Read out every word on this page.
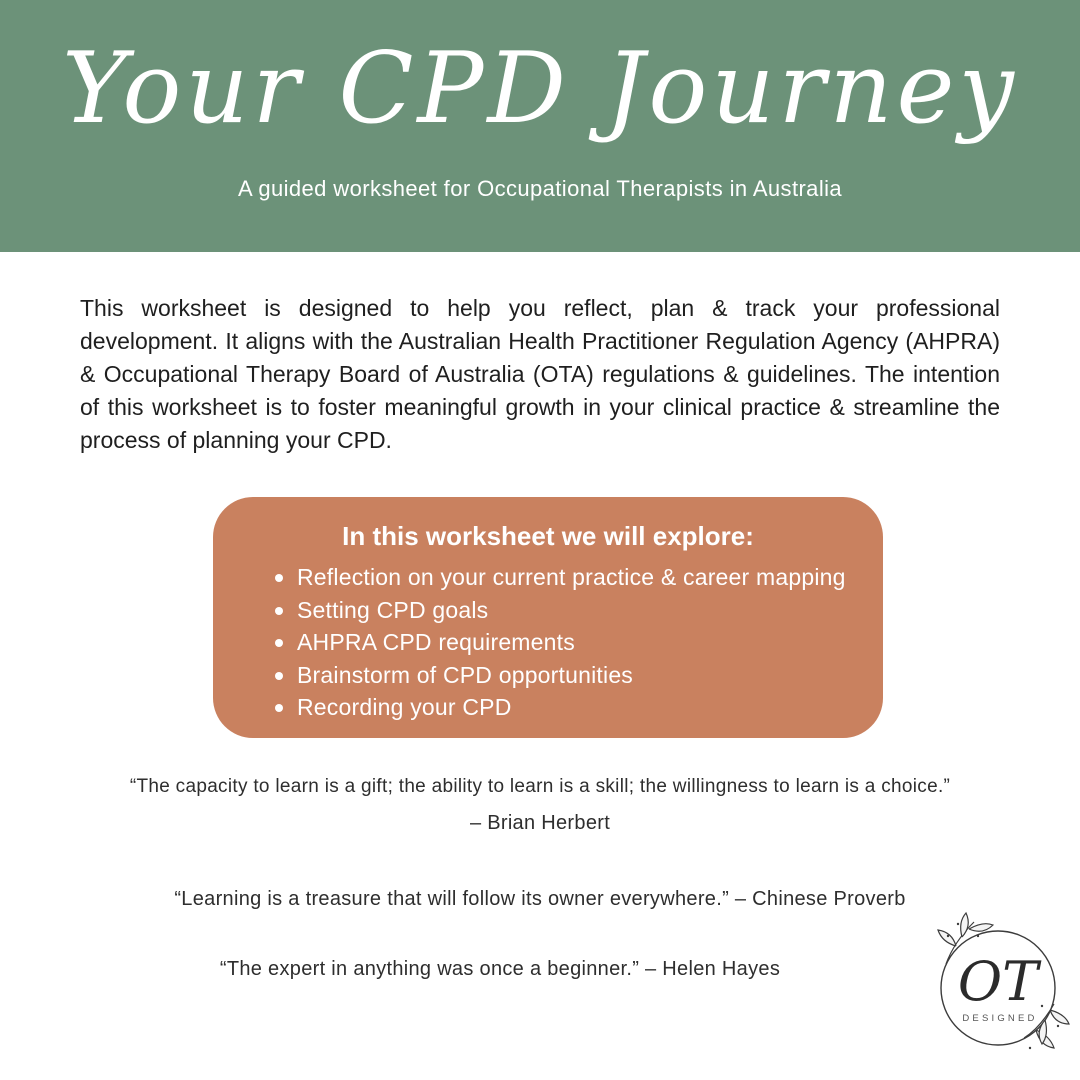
Your CPD Journey

A guided worksheet for Occupational Therapists in Australia

This worksheet is designed to help you reflect, plan & track your professional development. It aligns with the Australian Health Practitioner Regulation Agency (AHPRA) & Occupational Therapy Board of Australia (OTA) regulations & guidelines. The intention of this worksheet is to foster meaningful growth in your clinical practice & streamline the process of planning your CPD.

In this worksheet we will explore:
Reflection on your current practice & career mapping
Setting CPD goals
AHPRA CPD requirements
Brainstorm of CPD opportunities
Recording your CPD
“The capacity to learn is a gift; the ability to learn is a skill; the willingness to learn is a choice.”
– Brian Herbert
“Learning is a treasure that will follow its owner everywhere.” – Chinese Proverb
“The expert in anything was once a beginner.” – Helen Hayes	OT
DESIGNED
